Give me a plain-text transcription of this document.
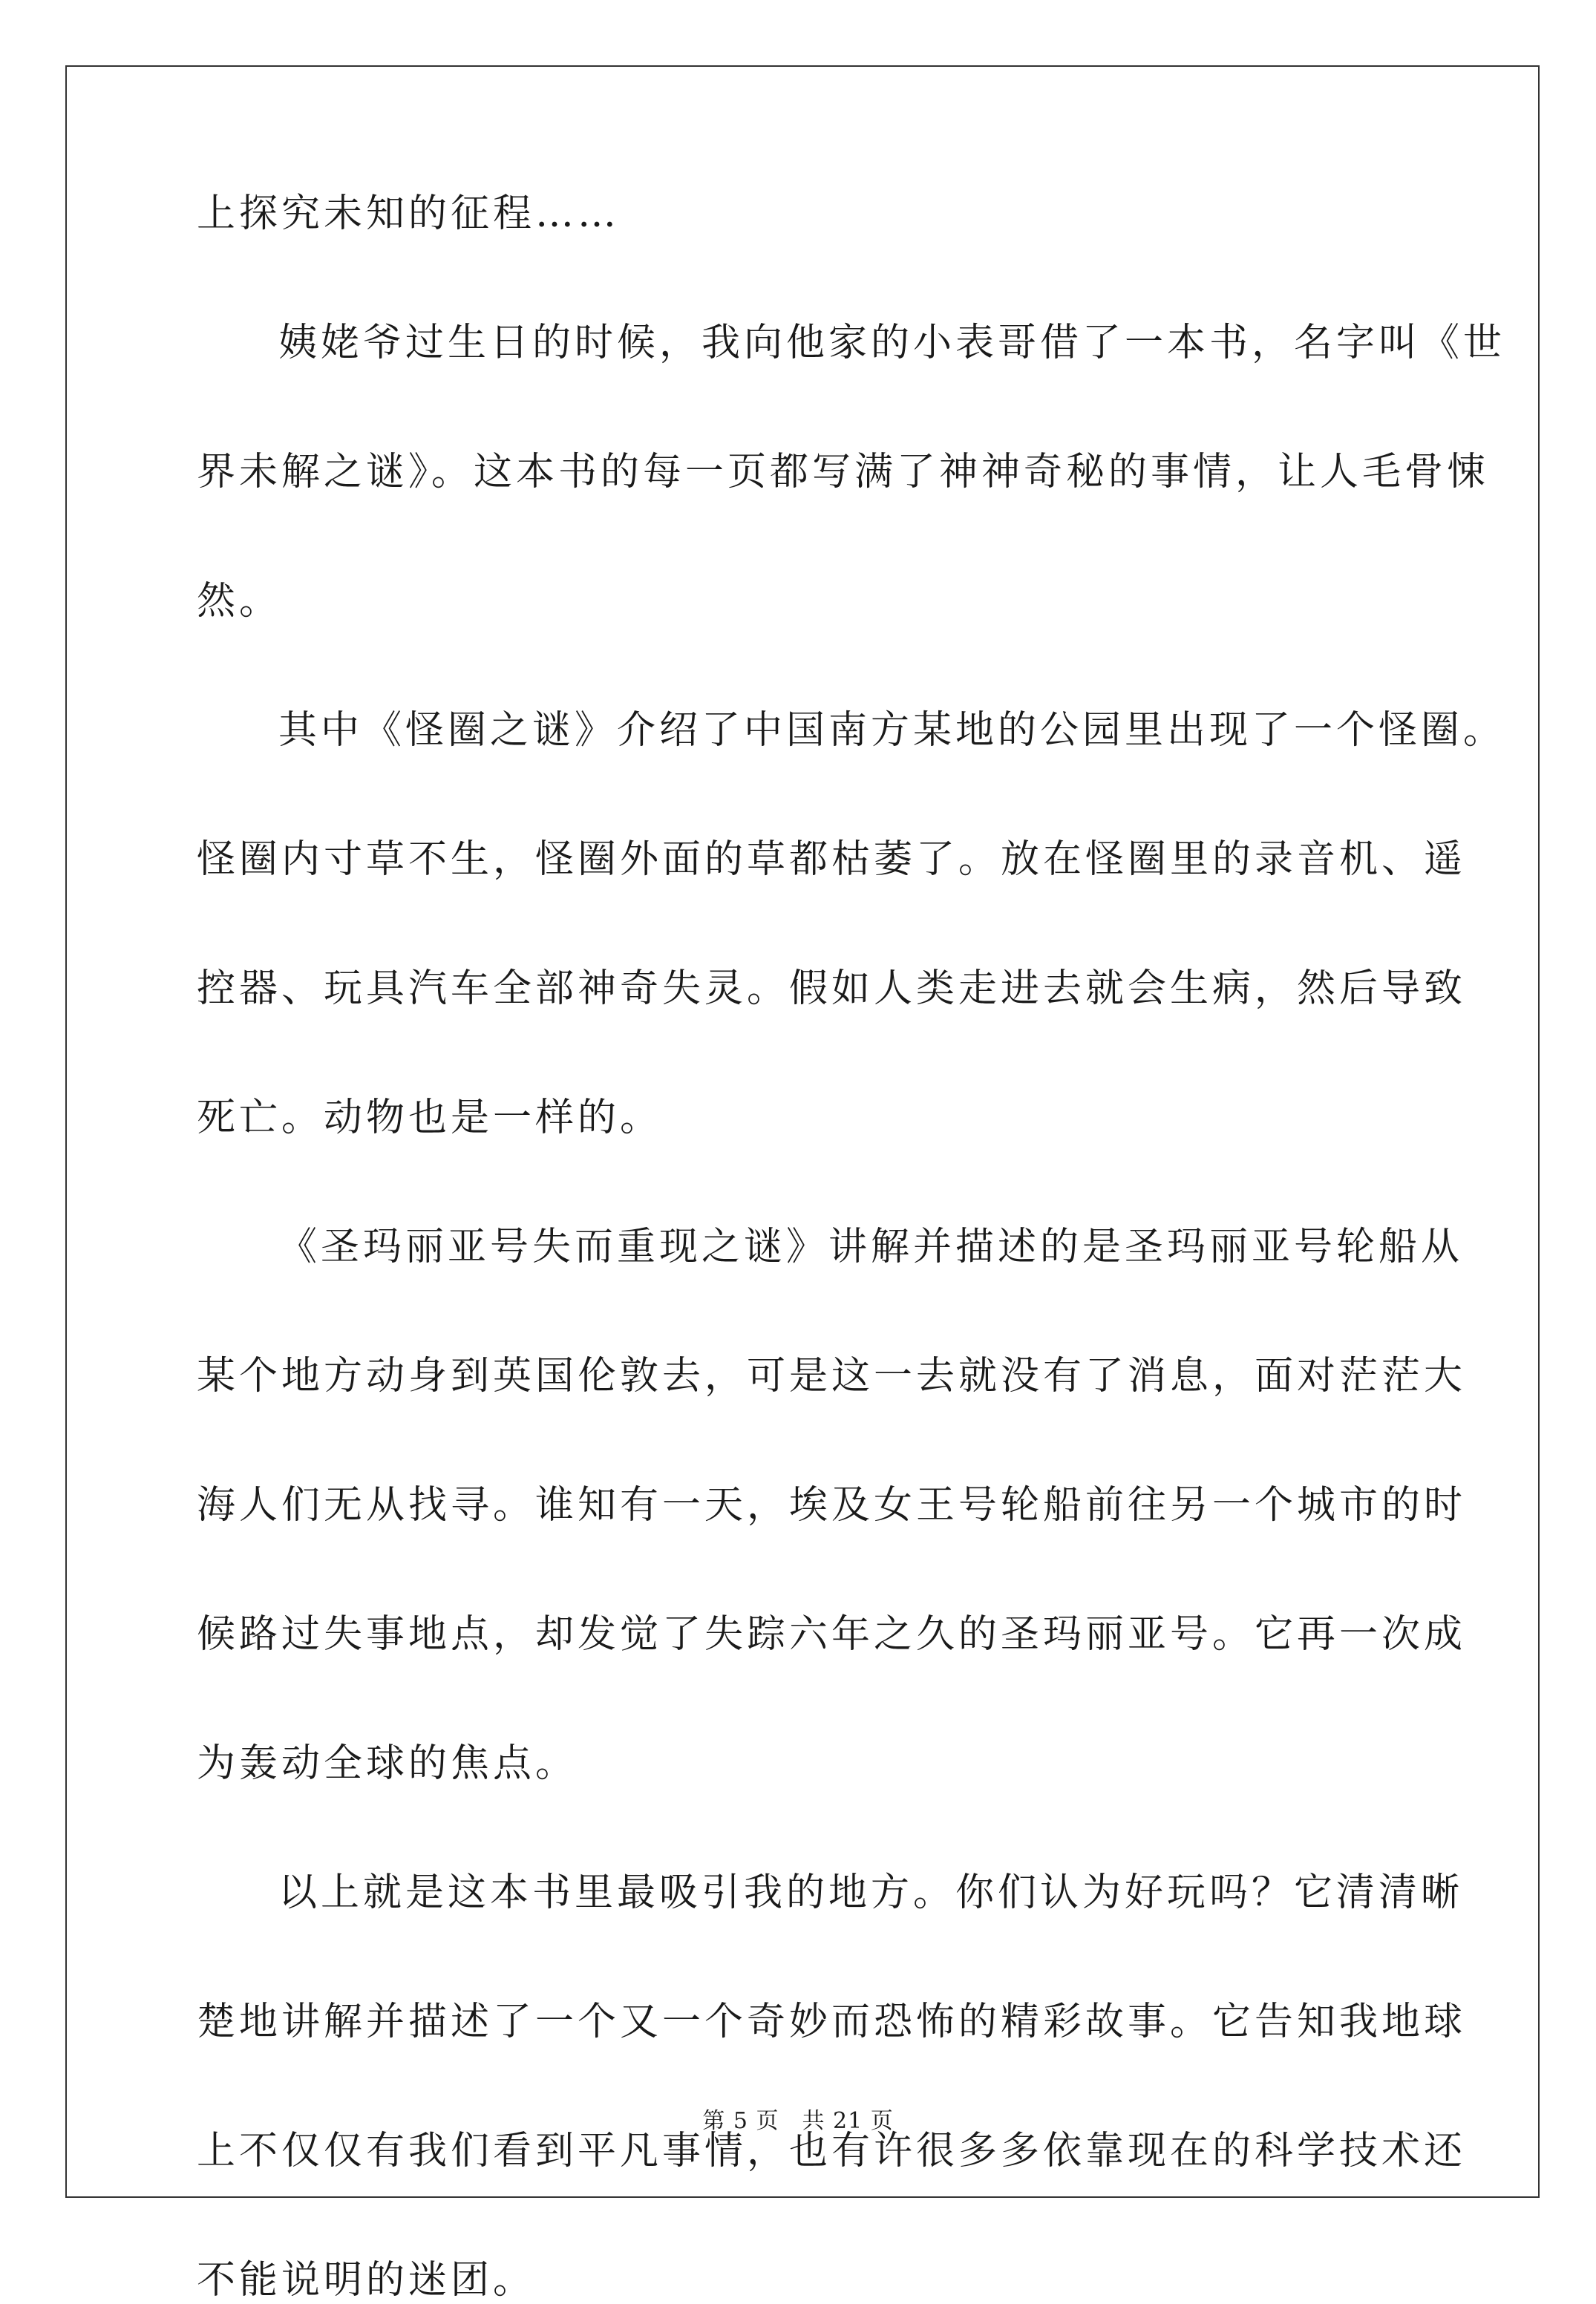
上探究未知的征程……
姨姥爷过生日的时候，我向他家的小表哥借了一本书，名字叫《世
界未解之谜》。这本书的每一页都写满了神神奇秘的事情，让人毛骨悚
然。
其中《怪圈之谜》介绍了中国南方某地的公园里出现了一个怪圈。
怪圈内寸草不生，怪圈外面的草都枯萎了。放在怪圈里的录音机、遥
控器、玩具汽车全部神奇失灵。假如人类走进去就会生病，然后导致
死亡。动物也是一样的。
《圣玛丽亚号失而重现之谜》讲解并描述的是圣玛丽亚号轮船从
某个地方动身到英国伦敦去，可是这一去就没有了消息，面对茫茫大
海人们无从找寻。谁知有一天，埃及女王号轮船前往另一个城市的时
候路过失事地点，却发觉了失踪六年之久的圣玛丽亚号。它再一次成
为轰动全球的焦点。
以上就是这本书里最吸引我的地方。你们认为好玩吗？它清清晰
楚地讲解并描述了一个又一个奇妙而恐怖的精彩故事。它告知我地球
上不仅仅有我们看到平凡事情，也有许很多多依靠现在的科学技术还
不能说明的迷团。
第 5 页　共 21 页
